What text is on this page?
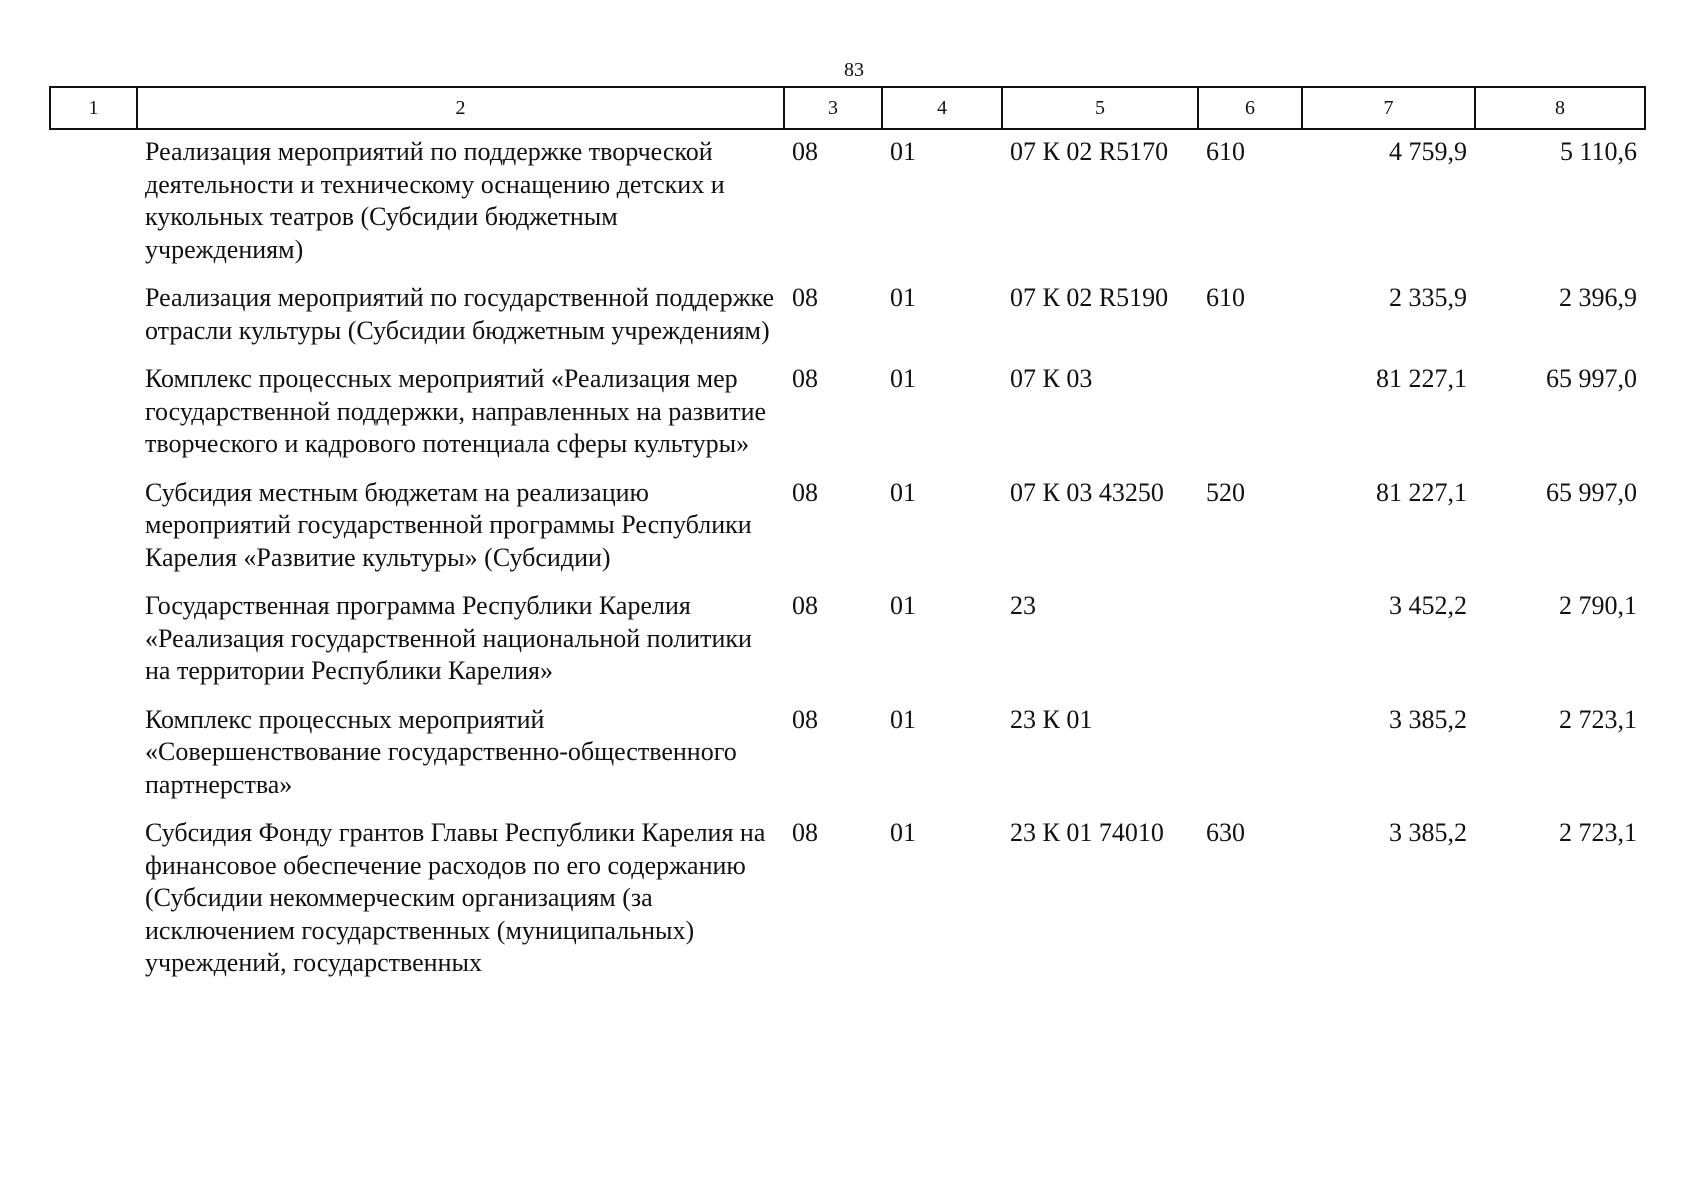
83
1	2	3	4	5	6	7	8
	Реализация мероприятий по поддержке творческой деятельности и техническому оснащению детских и кукольных театров (Субсидии бюджетным учреждениям)	08	01	07 К 02 R5170	610	4 759,9	5 110,6
	Реализация мероприятий по государственной поддержке отрасли культуры (Субсидии бюджетным учреждениям)	08	01	07 К 02 R5190	610	2 335,9	2 396,9
	Комплекс процессных мероприятий «Реализация мер государственной поддержки, направленных на развитие творческого и кадрового потенциала сферы культуры»	08	01	07 К 03		81 227,1	65 997,0
	Субсидия местным бюджетам на реализацию мероприятий государственной программы Республики Карелия «Развитие культуры» (Субсидии)	08	01	07 К 03 43250	520	81 227,1	65 997,0
	Государственная программа Республики Карелия «Реализация государственной национальной политики на территории Республики Карелия»	08	01	23		3 452,2	2 790,1
	Комплекс процессных мероприятий «Совершенствование государственно-общественного партнерства»	08	01	23 К 01		3 385,2	2 723,1
	Субсидия Фонду грантов Главы Республики Карелия на финансовое обеспечение расходов по его содержанию (Субсидии некоммерческим организациям (за исключением государственных (муниципальных) учреждений, государственных	08	01	23 К 01 74010	630	3 385,2	2 723,1
